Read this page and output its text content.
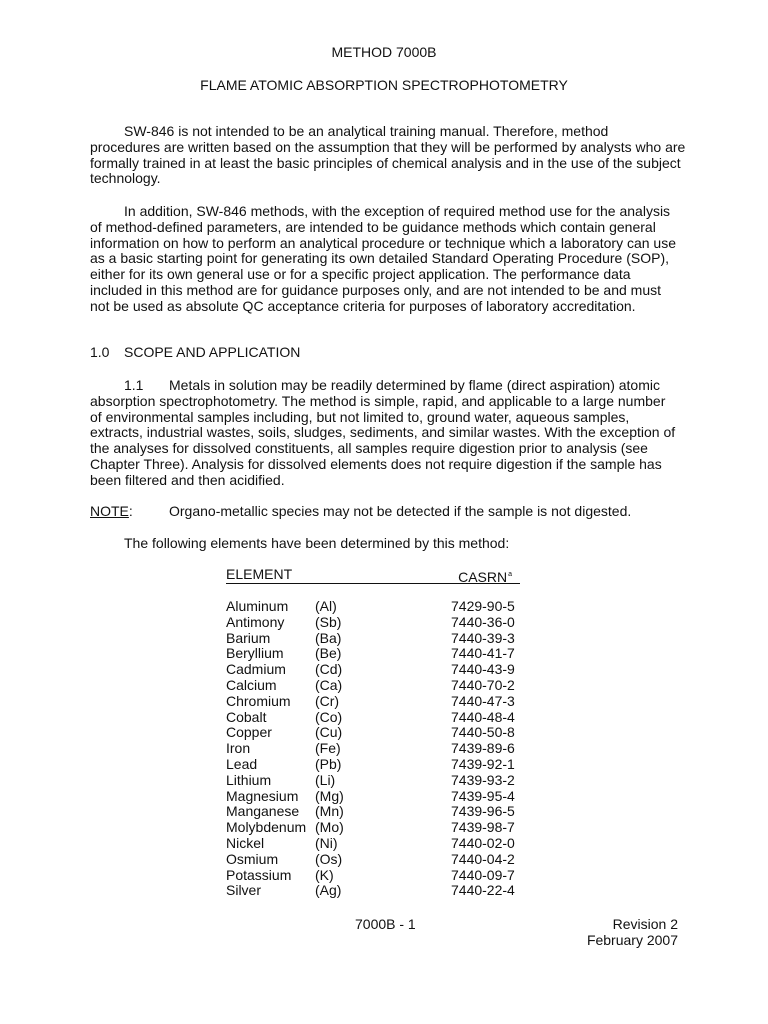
METHOD 7000B
FLAME ATOMIC ABSORPTION SPECTROPHOTOMETRY
SW-846 is not intended to be an analytical training manual. Therefore, method
procedures are written based on the assumption that they will be performed by analysts who are
formally trained in at least the basic principles of chemical analysis and in the use of the subject
technology.
In addition, SW-846 methods, with the exception of required method use for the analysis
of method-defined parameters, are intended to be guidance methods which contain general
information on how to perform an analytical procedure or technique which a laboratory can use
as a basic starting point for generating its own detailed Standard Operating Procedure (SOP),
either for its own general use or for a specific project application. The performance data
included in this method are for guidance purposes only, and are not intended to be and must
not be used as absolute QC acceptance criteria for purposes of laboratory accreditation.
1.0 SCOPE AND APPLICATION
1.1 Metals in solution may be readily determined by flame (direct aspiration) atomic
absorption spectrophotometry. The method is simple, rapid, and applicable to a large number
of environmental samples including, but not limited to, ground water, aqueous samples,
extracts, industrial wastes, soils, sludges, sediments, and similar wastes. With the exception of
the analyses for dissolved constituents, all samples require digestion prior to analysis (see
Chapter Three). Analysis for dissolved elements does not require digestion if the sample has
been filtered and then acidified.
NOTE:	Organo-metallic species may not be detected if the sample is not digested.
The following elements have been determined by this method:
ELEMENT	CASRN$^a$
Aluminum (Al)	7429-90-5
Antimony (Sb)	7440-36-0
Barium	(Ba)	7440-39-3
Beryllium (Be)	7440-41-7
Cadmium (Cd)	7440-43-9
Calcium	(Ca)	7440-70-2
Chromium (Cr)	7440-47-3
Cobalt	(Co)	7440-48-4
Copper	(Cu)	7440-50-8
Iron	(Fe)	7439-89-6
Lead	(Pb)	7439-92-1
Lithium	(Li)	7439-93-2
Magnesium (Mg)	7439-95-4
Manganese (Mn)	7439-96-5
Molybdenum (Mo)	7439-98-7
Nickel	(Ni)	7440-02-0
Osmium	(Os)	7440-04-2
Potassium (K)	7440-09-7
Silver	(Ag)	7440-22-4
7000B - 1	Revision 2
February 2007
